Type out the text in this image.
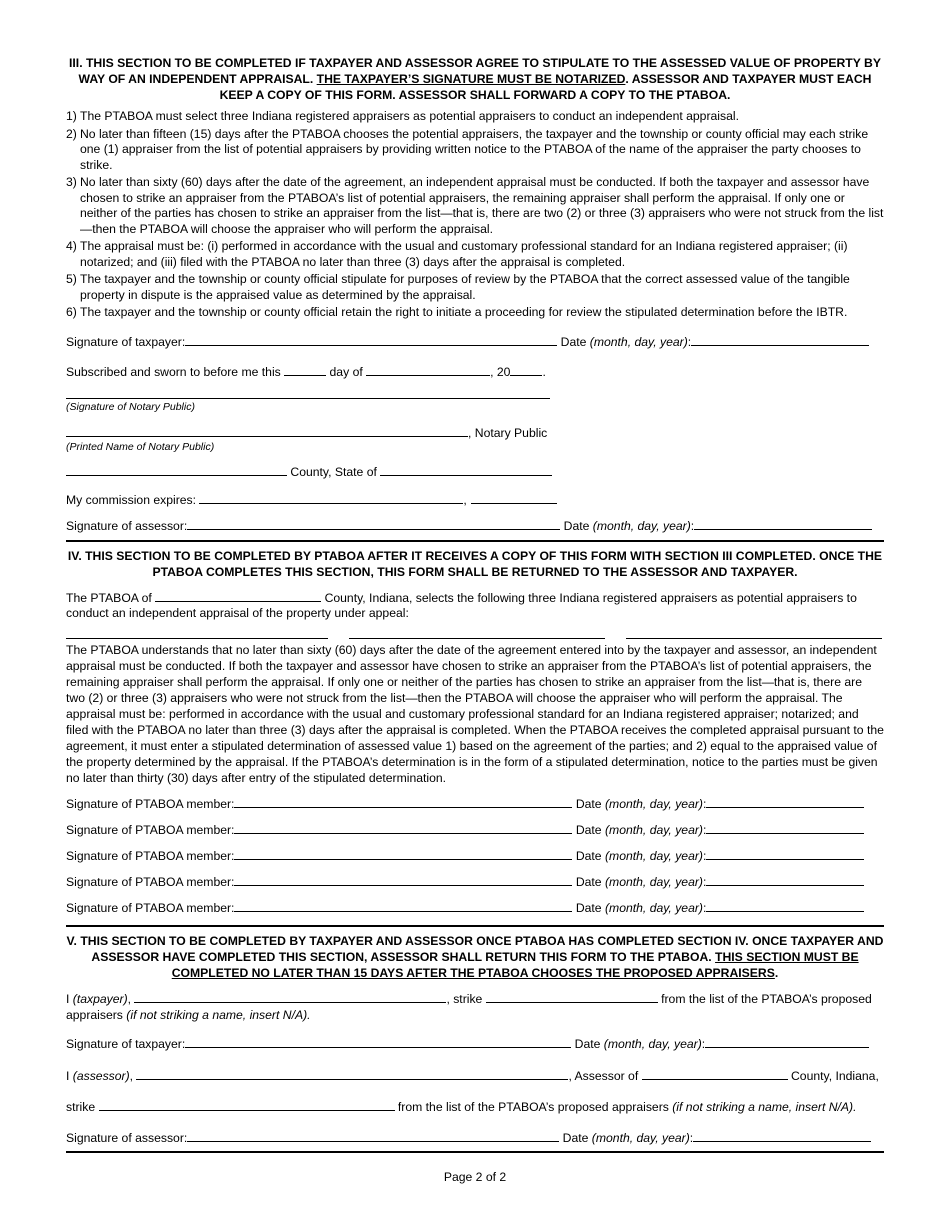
III. THIS SECTION TO BE COMPLETED IF TAXPAYER AND ASSESSOR AGREE TO STIPULATE TO THE ASSESSED VALUE OF PROPERTY BY WAY OF AN INDEPENDENT APPRAISAL. THE TAXPAYER’S SIGNATURE MUST BE NOTARIZED. ASSESSOR AND TAXPAYER MUST EACH KEEP A COPY OF THIS FORM. ASSESSOR SHALL FORWARD A COPY TO THE PTABOA.
1) The PTABOA must select three Indiana registered appraisers as potential appraisers to conduct an independent appraisal.
2) No later than fifteen (15) days after the PTABOA chooses the potential appraisers, the taxpayer and the township or county official may each strike one (1) appraiser from the list of potential appraisers by providing written notice to the PTABOA of the name of the appraiser the party chooses to strike.
3) No later than sixty (60) days after the date of the agreement, an independent appraisal must be conducted. If both the taxpayer and assessor have chosen to strike an appraiser from the PTABOA’s list of potential appraisers, the remaining appraiser shall perform the appraisal. If only one or neither of the parties has chosen to strike an appraiser from the list—that is, there are two (2) or three (3) appraisers who were not struck from the list—then the PTABOA will choose the appraiser who will perform the appraisal.
4) The appraisal must be: (i) performed in accordance with the usual and customary professional standard for an Indiana registered appraiser; (ii) notarized; and (iii) filed with the PTABOA no later than three (3) days after the appraisal is completed.
5) The taxpayer and the township or county official stipulate for purposes of review by the PTABOA that the correct assessed value of the tangible property in dispute is the appraised value as determined by the appraisal.
6) The taxpayer and the township or county official retain the right to initiate a proceeding for review the stipulated determination before the IBTR.
Signature of taxpayer:	Date (month, day, year):
Subscribed and sworn to before me this	day of	, 20	.
(Signature of Notary Public)
, Notary Public
(Printed Name of Notary Public)
County, State of
My commission expires:	,
Signature of assessor:	Date (month, day, year):
IV. THIS SECTION TO BE COMPLETED BY PTABOA AFTER IT RECEIVES A COPY OF THIS FORM WITH SECTION III COMPLETED. ONCE THE PTABOA COMPLETES THIS SECTION, THIS FORM SHALL BE RETURNED TO THE ASSESSOR AND TAXPAYER.
The PTABOA of	County, Indiana, selects the following three Indiana registered appraisers as potential appraisers to conduct an independent appraisal of the property under appeal:
The PTABOA understands that no later than sixty (60) days after the date of the agreement entered into by the taxpayer and assessor, an independent appraisal must be conducted. If both the taxpayer and assessor have chosen to strike an appraiser from the PTABOA’s list of potential appraisers, the remaining appraiser shall perform the appraisal. If only one or neither of the parties has chosen to strike an appraiser from the list—that is, there are two (2) or three (3) appraisers who were not struck from the list—then the PTABOA will choose the appraiser who will perform the appraisal. The appraisal must be: performed in accordance with the usual and customary professional standard for an Indiana registered appraiser; notarized; and filed with the PTABOA no later than three (3) days after the appraisal is completed. When the PTABOA receives the completed appraisal pursuant to the agreement, it must enter a stipulated determination of assessed value 1) based on the agreement of the parties; and 2) equal to the appraised value of the property determined by the appraisal. If the PTABOA’s determination is in the form of a stipulated determination, notice to the parties must be given no later than thirty (30) days after entry of the stipulated determination.
Signature of PTABOA member:	Date (month, day, year):
Signature of PTABOA member:	Date (month, day, year):
Signature of PTABOA member:	Date (month, day, year):
Signature of PTABOA member:	Date (month, day, year):
Signature of PTABOA member:	Date (month, day, year):
V. THIS SECTION TO BE COMPLETED BY TAXPAYER AND ASSESSOR ONCE PTABOA HAS COMPLETED SECTION IV. ONCE TAXPAYER AND ASSESSOR HAVE COMPLETED THIS SECTION, ASSESSOR SHALL RETURN THIS FORM TO THE PTABOA. THIS SECTION MUST BE COMPLETED NO LATER THAN 15 DAYS AFTER THE PTABOA CHOOSES THE PROPOSED APPRAISERS.
I (taxpayer),	, strike	from the list of the PTABOA’s proposed
appraisers (if not striking a name, insert N/A).
Signature of taxpayer:	Date (month, day, year):
I (assessor),	, Assessor of	County, Indiana,
strike	from the list of the PTABOA’s proposed appraisers (if not striking a name, insert N/A).
Signature of assessor:	Date (month, day, year):
Page 2 of 2
